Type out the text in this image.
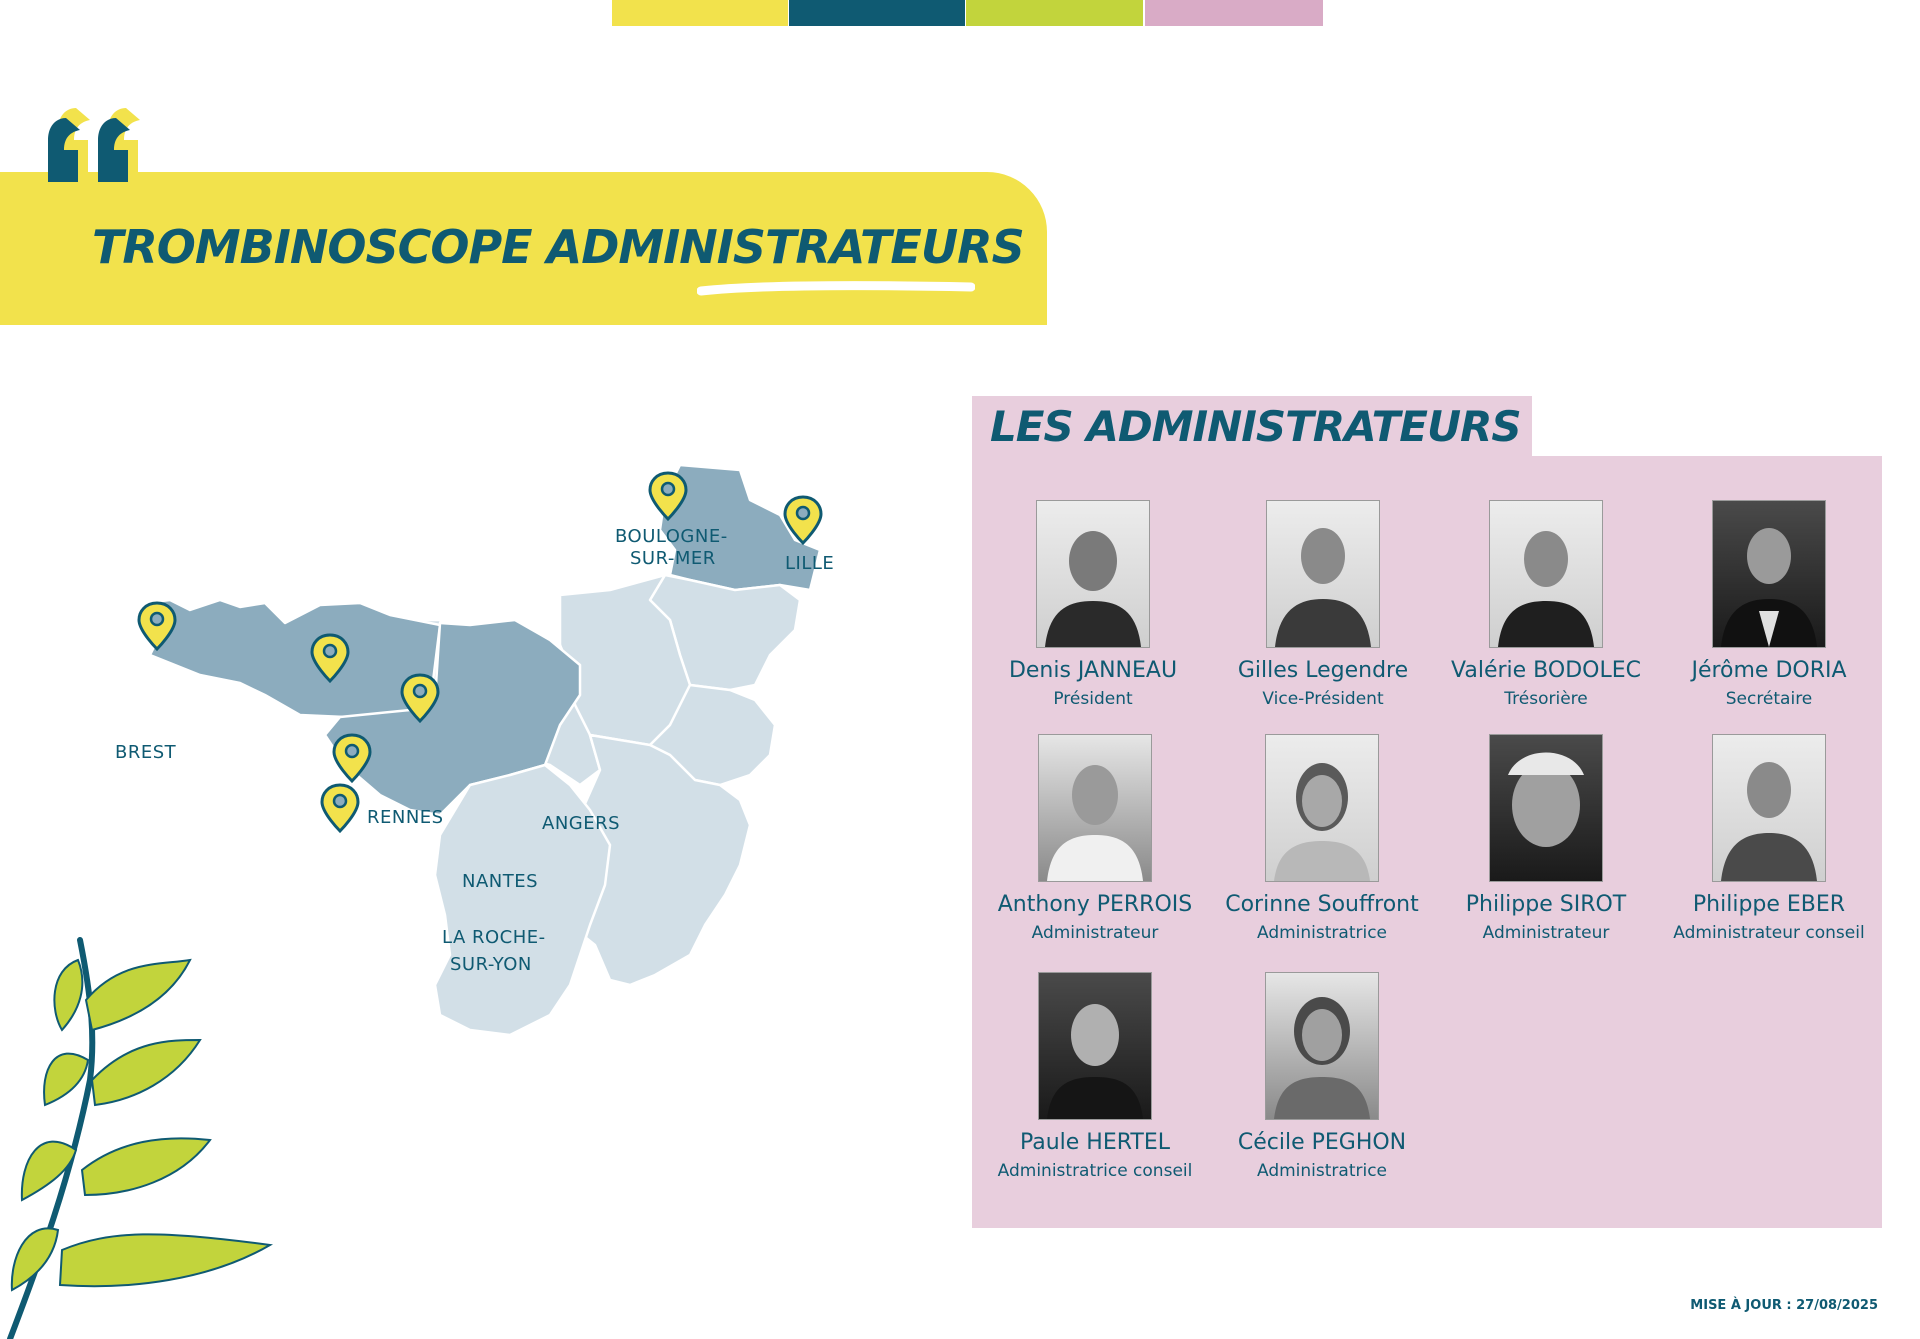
TROMBINOSCOPE ADMINISTRATEURS
BREST
RENNES	ANGERS
NANTES
LA ROCHE-
SUR-YON
BOULOGNE-
SUR-MER	LILLE
LES ADMINISTRATEURS
Denis JANNEAU
Président
Gilles Legendre
Vice-Président
Valérie BODOLEC
Trésorière
Jérôme DORIA
Secrétaire
Anthony PERROIS
Administrateur
Corinne Souffront
Administratrice
Philippe SIROT
Administrateur
Philippe EBER
Administrateur conseil
Paule HERTEL
Administratrice conseil
Cécile PEGHON
Administratrice

MISE À JOUR : 27/08/2025
